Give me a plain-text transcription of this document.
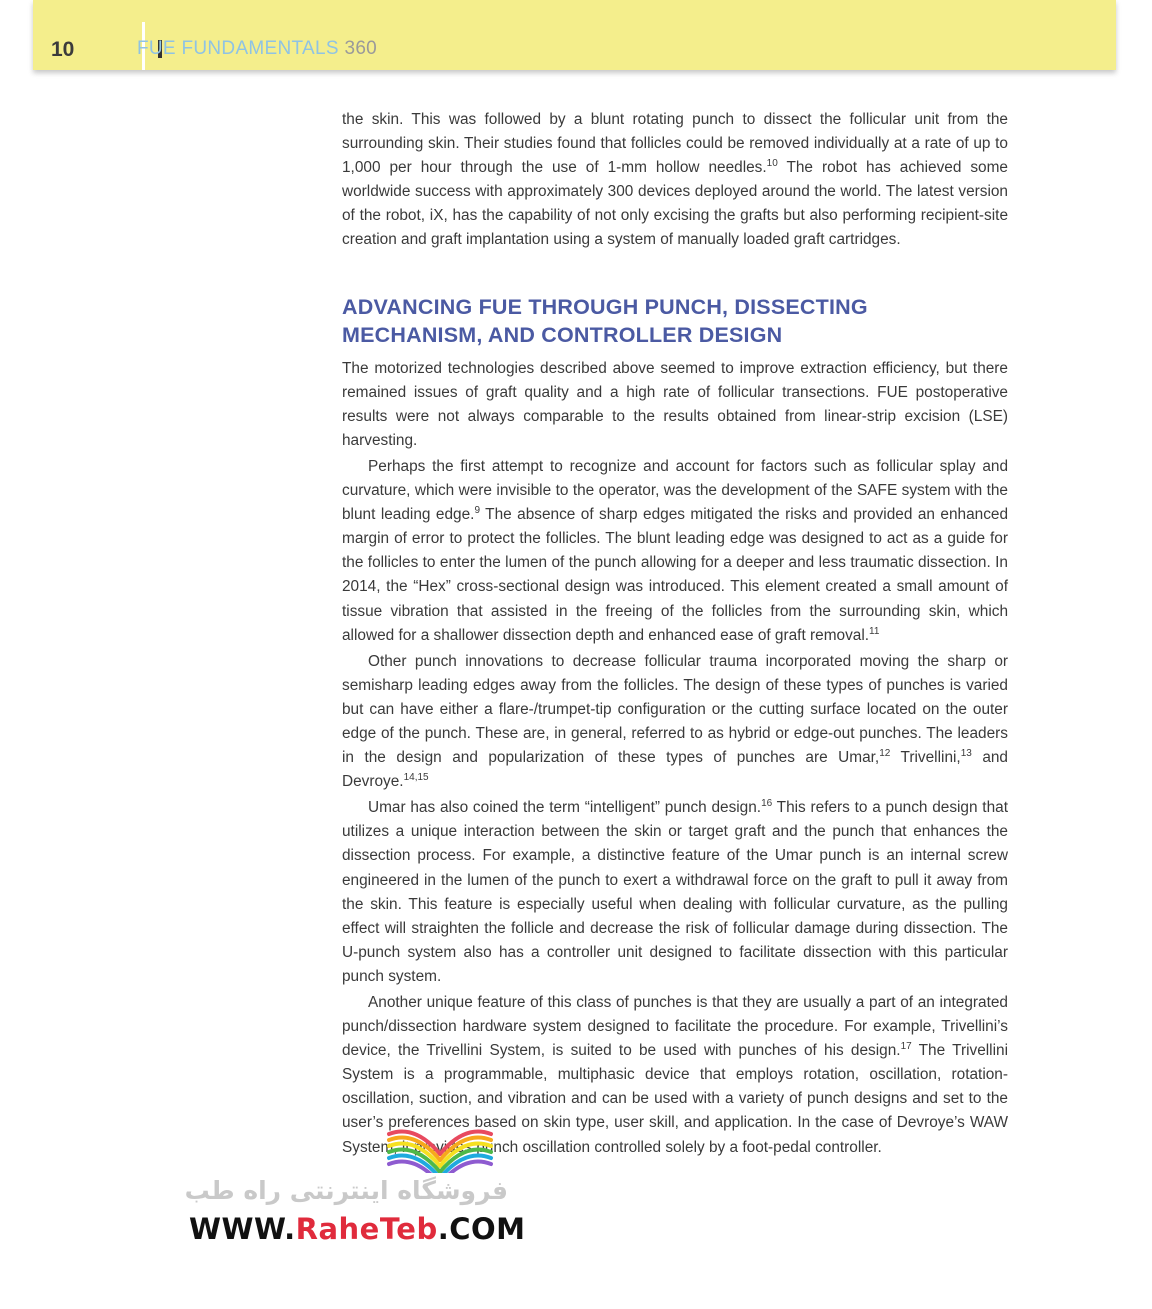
10	FUE FUNDAMENTALS 360

the skin. This was followed by a blunt rotating punch to dissect the follicular unit from the surrounding skin. Their studies found that follicles could be removed individually at a rate of up to 1,000 per hour through the use of 1-mm hollow needles.$^{10}$ The robot has achieved some worldwide success with approximately 300 devices deployed around the world. The latest version of the robot, iX, has the capability of not only excising the grafts but also performing recipient-site creation and graft implantation using a system of manually loaded graft cartridges.

ADVANCING FUE THROUGH PUNCH, DISSECTING
MECHANISM, AND CONTROLLER DESIGN

The motorized technologies described above seemed to improve extraction efficiency, but there remained issues of graft quality and a high rate of follicular transections. FUE postoperative results were not always comparable to the results obtained from linear-strip excision (LSE) harvesting.

Perhaps the first attempt to recognize and account for factors such as follicular splay and curvature, which were invisible to the operator, was the development of the SAFE system with the blunt leading edge.$^9$ The absence of sharp edges mitigated the risks and provided an enhanced margin of error to protect the follicles. The blunt leading edge was designed to act as a guide for the follicles to enter the lumen of the punch allowing for a deeper and less traumatic dissection. In 2014, the “Hex” cross-sectional design was introduced. This element created a small amount of tissue vibration that assisted in the freeing of the follicles from the surrounding skin, which allowed for a shallower dissection depth and enhanced ease of graft removal.$^{11}$

Other punch innovations to decrease follicular trauma incorporated moving the sharp or semisharp leading edges away from the follicles. The design of these types of punches is varied but can have either a flare-/trumpet-tip configuration or the cutting surface located on the outer edge of the punch. These are, in general, referred to as hybrid or edge-out punches. The leaders in the design and popularization of these types of punches are Umar,$^{12}$ Trivellini,$^{13}$ and Devroye.$^{14,15}$

Umar has also coined the term “intelligent” punch design.$^{16}$ This refers to a punch design that utilizes a unique interaction between the skin or target graft and the punch that enhances the dissection process. For example, a distinctive feature of the Umar punch is an internal screw engineered in the lumen of the punch to exert a withdrawal force on the graft to pull it away from the skin. This feature is especially useful when dealing with follicular curvature, as the pulling effect will straighten the follicle and decrease the risk of follicular damage during dissection. The U-punch system also has a controller unit designed to facilitate dissection with this particular punch system.

Another unique feature of this class of punches is that they are usually a part of an integrated punch/dissection hardware system designed to facilitate the procedure. For example, Trivellini’s device, the Trivellini System, is suited to be used with punches of his design.$^{17}$ The Trivellini System is a programmable, multiphasic device that employs rotation, oscillation, rotation-oscillation, suction, and vibration and can be used with a variety of punch designs and set to the user’s preferences based on skin type, user skill, and application. In the case of Devroye’s WAW System, it provides punch oscillation controlled solely by a foot-pedal controller.

فروشگاه اینترنتی راه طب
WWW.RaheTeb.COM
